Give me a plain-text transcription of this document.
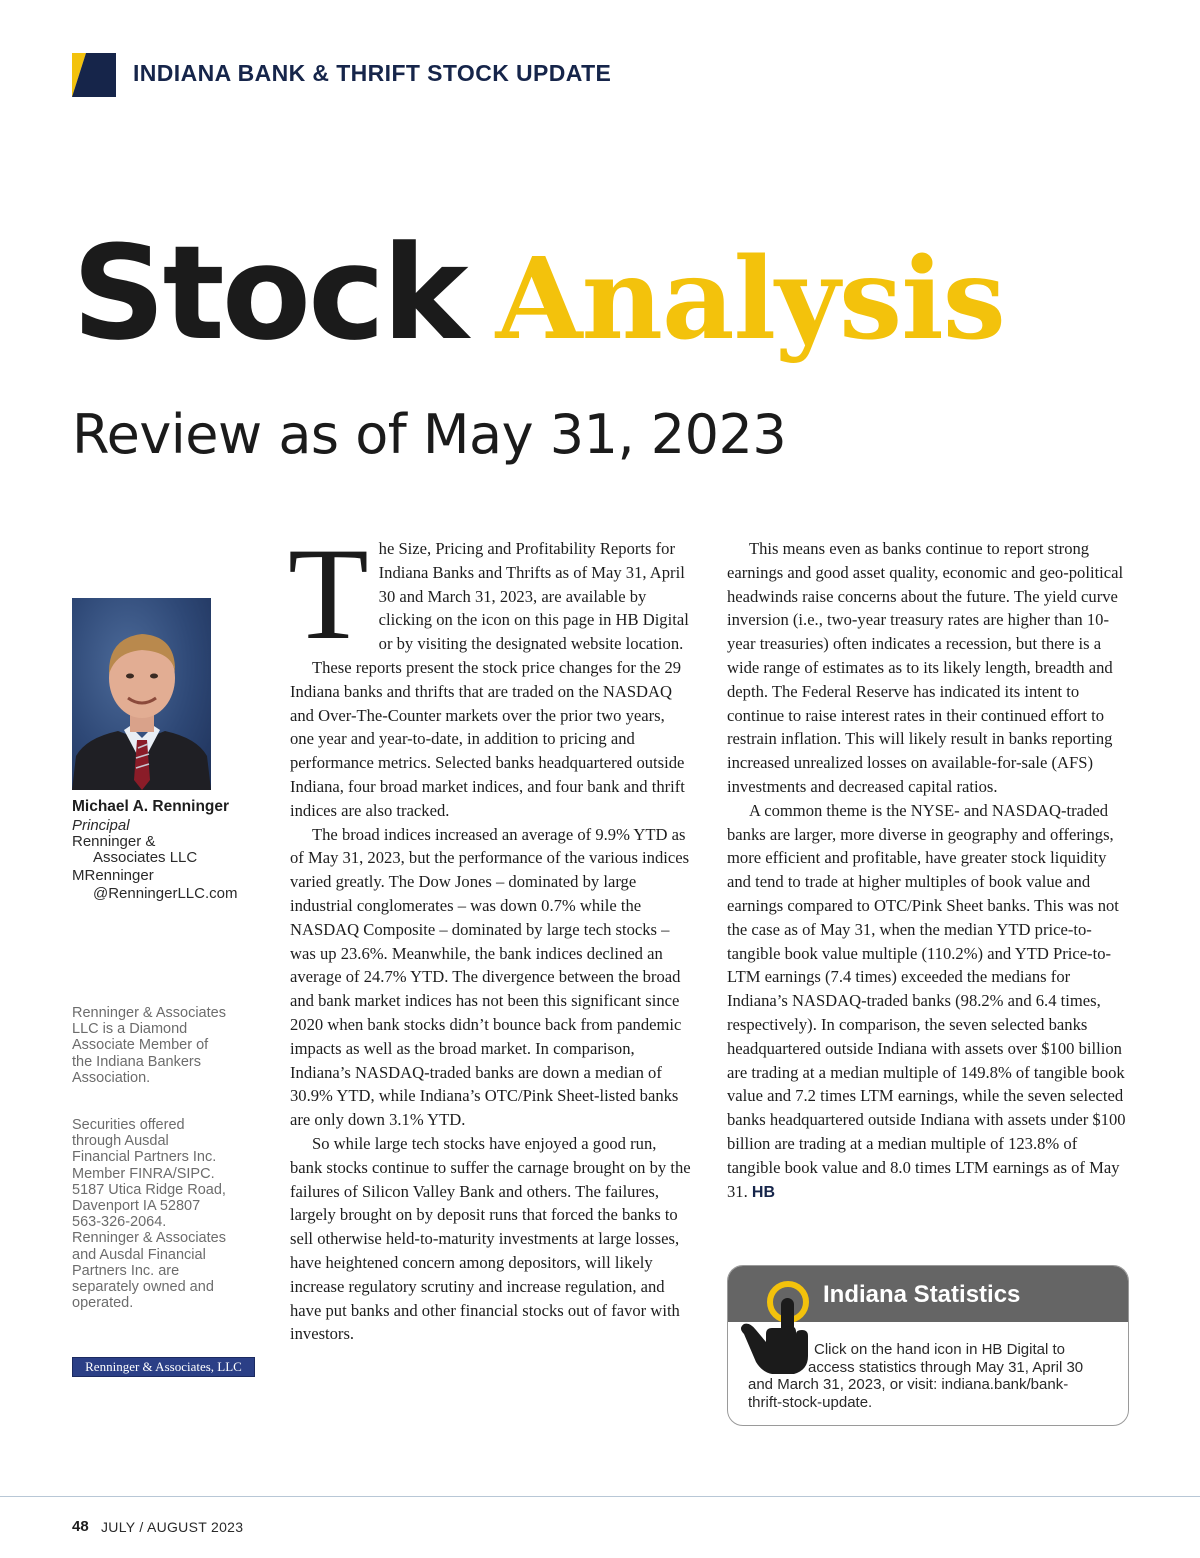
INDIANA BANK & THRIFT STOCK UPDATE
Stock Analysis
Review as of May 31, 2023
Michael A. Renninger
Principal
Renninger &
Associates LLC
MRenninger
@RenningerLLC.com
Renninger & Associates
LLC is a Diamond
Associate Member of
the Indiana Bankers
Association.
Securities offered
through Ausdal
Financial Partners Inc.
Member FINRA/SIPC.
5187 Utica Ridge Road,
Davenport IA 52807
563-326-2064.
Renninger & Associates
and Ausdal Financial
Partners Inc. are
separately owned and
operated.
Renninger & Associates, LLC
T he Size, Pricing and Profitability Reports for Indiana Banks and Thrifts as of May 31, April 30 and March 31, 2023, are available by clicking on the icon on this page in HB Digital or by visiting the designated website location.

These reports present the stock price changes for the 29 Indiana banks and thrifts that are traded on the NASDAQ and Over-The-Counter markets over the prior two years, one year and year-to-date, in addition to pricing and performance metrics. Selected banks headquartered outside Indiana, four broad market indices, and four bank and thrift indices are also tracked.

The broad indices increased an average of 9.9% YTD as of May 31, 2023, but the performance of the various indices varied greatly. The Dow Jones – dominated by large industrial conglomerates – was down 0.7% while the NASDAQ Composite – dominated by large tech stocks – was up 23.6%. Meanwhile, the bank indices declined an average of 24.7% YTD. The divergence between the broad and bank market indices has not been this significant since 2020 when bank stocks didn’t bounce back from pandemic impacts as well as the broad market. In comparison, Indiana’s NASDAQ-traded banks are down a median of 30.9% YTD, while Indiana’s OTC/Pink Sheet-listed banks are only down 3.1% YTD.

So while large tech stocks have enjoyed a good run, bank stocks continue to suffer the carnage brought on by the failures of Silicon Valley Bank and others. The failures, largely brought on by deposit runs that forced the banks to sell otherwise held-to-maturity investments at large losses, have heightened concern among depositors, will likely increase regulatory scrutiny and increase regulation, and have put banks and other financial stocks out of favor with investors.

This means even as banks continue to report strong earnings and good asset quality, economic and geo-political headwinds raise concerns about the future. The yield curve inversion (i.e., two-year treasury rates are higher than 10-year treasuries) often indicates a recession, but there is a wide range of estimates as to its likely length, breadth and depth. The Federal Reserve has indicated its intent to continue to raise interest rates in their continued effort to restrain inflation. This will likely result in banks reporting increased unrealized losses on available-for-sale (AFS) investments and decreased capital ratios.

A common theme is the NYSE- and NASDAQ-traded banks are larger, more diverse in geography and offerings, more efficient and profitable, have greater stock liquidity and tend to trade at higher multiples of book value and earnings compared to OTC/Pink Sheet banks. This was not the case as of May 31, when the median YTD price-to-tangible book value multiple (110.2%) and YTD Price-to-LTM earnings (7.4 times) exceeded the medians for Indiana’s NASDAQ-traded banks (98.2% and 6.4 times, respectively). In comparison, the seven selected banks headquartered outside Indiana with assets over $100 billion are trading at a median multiple of 149.8% of tangible book value and 7.2 times LTM earnings, while the seven selected banks headquartered outside Indiana with assets under $100 billion are trading at a median multiple of 123.8% of tangible book value and 8.0 times LTM earnings as of May 31. HB

Indiana Statistics
Click on the hand icon in HB Digital to
access statistics through May 31, April 30
and March 31, 2023, or visit: indiana.bank/bank-
thrift-stock-update.
48 JULY / AUGUST 2023
